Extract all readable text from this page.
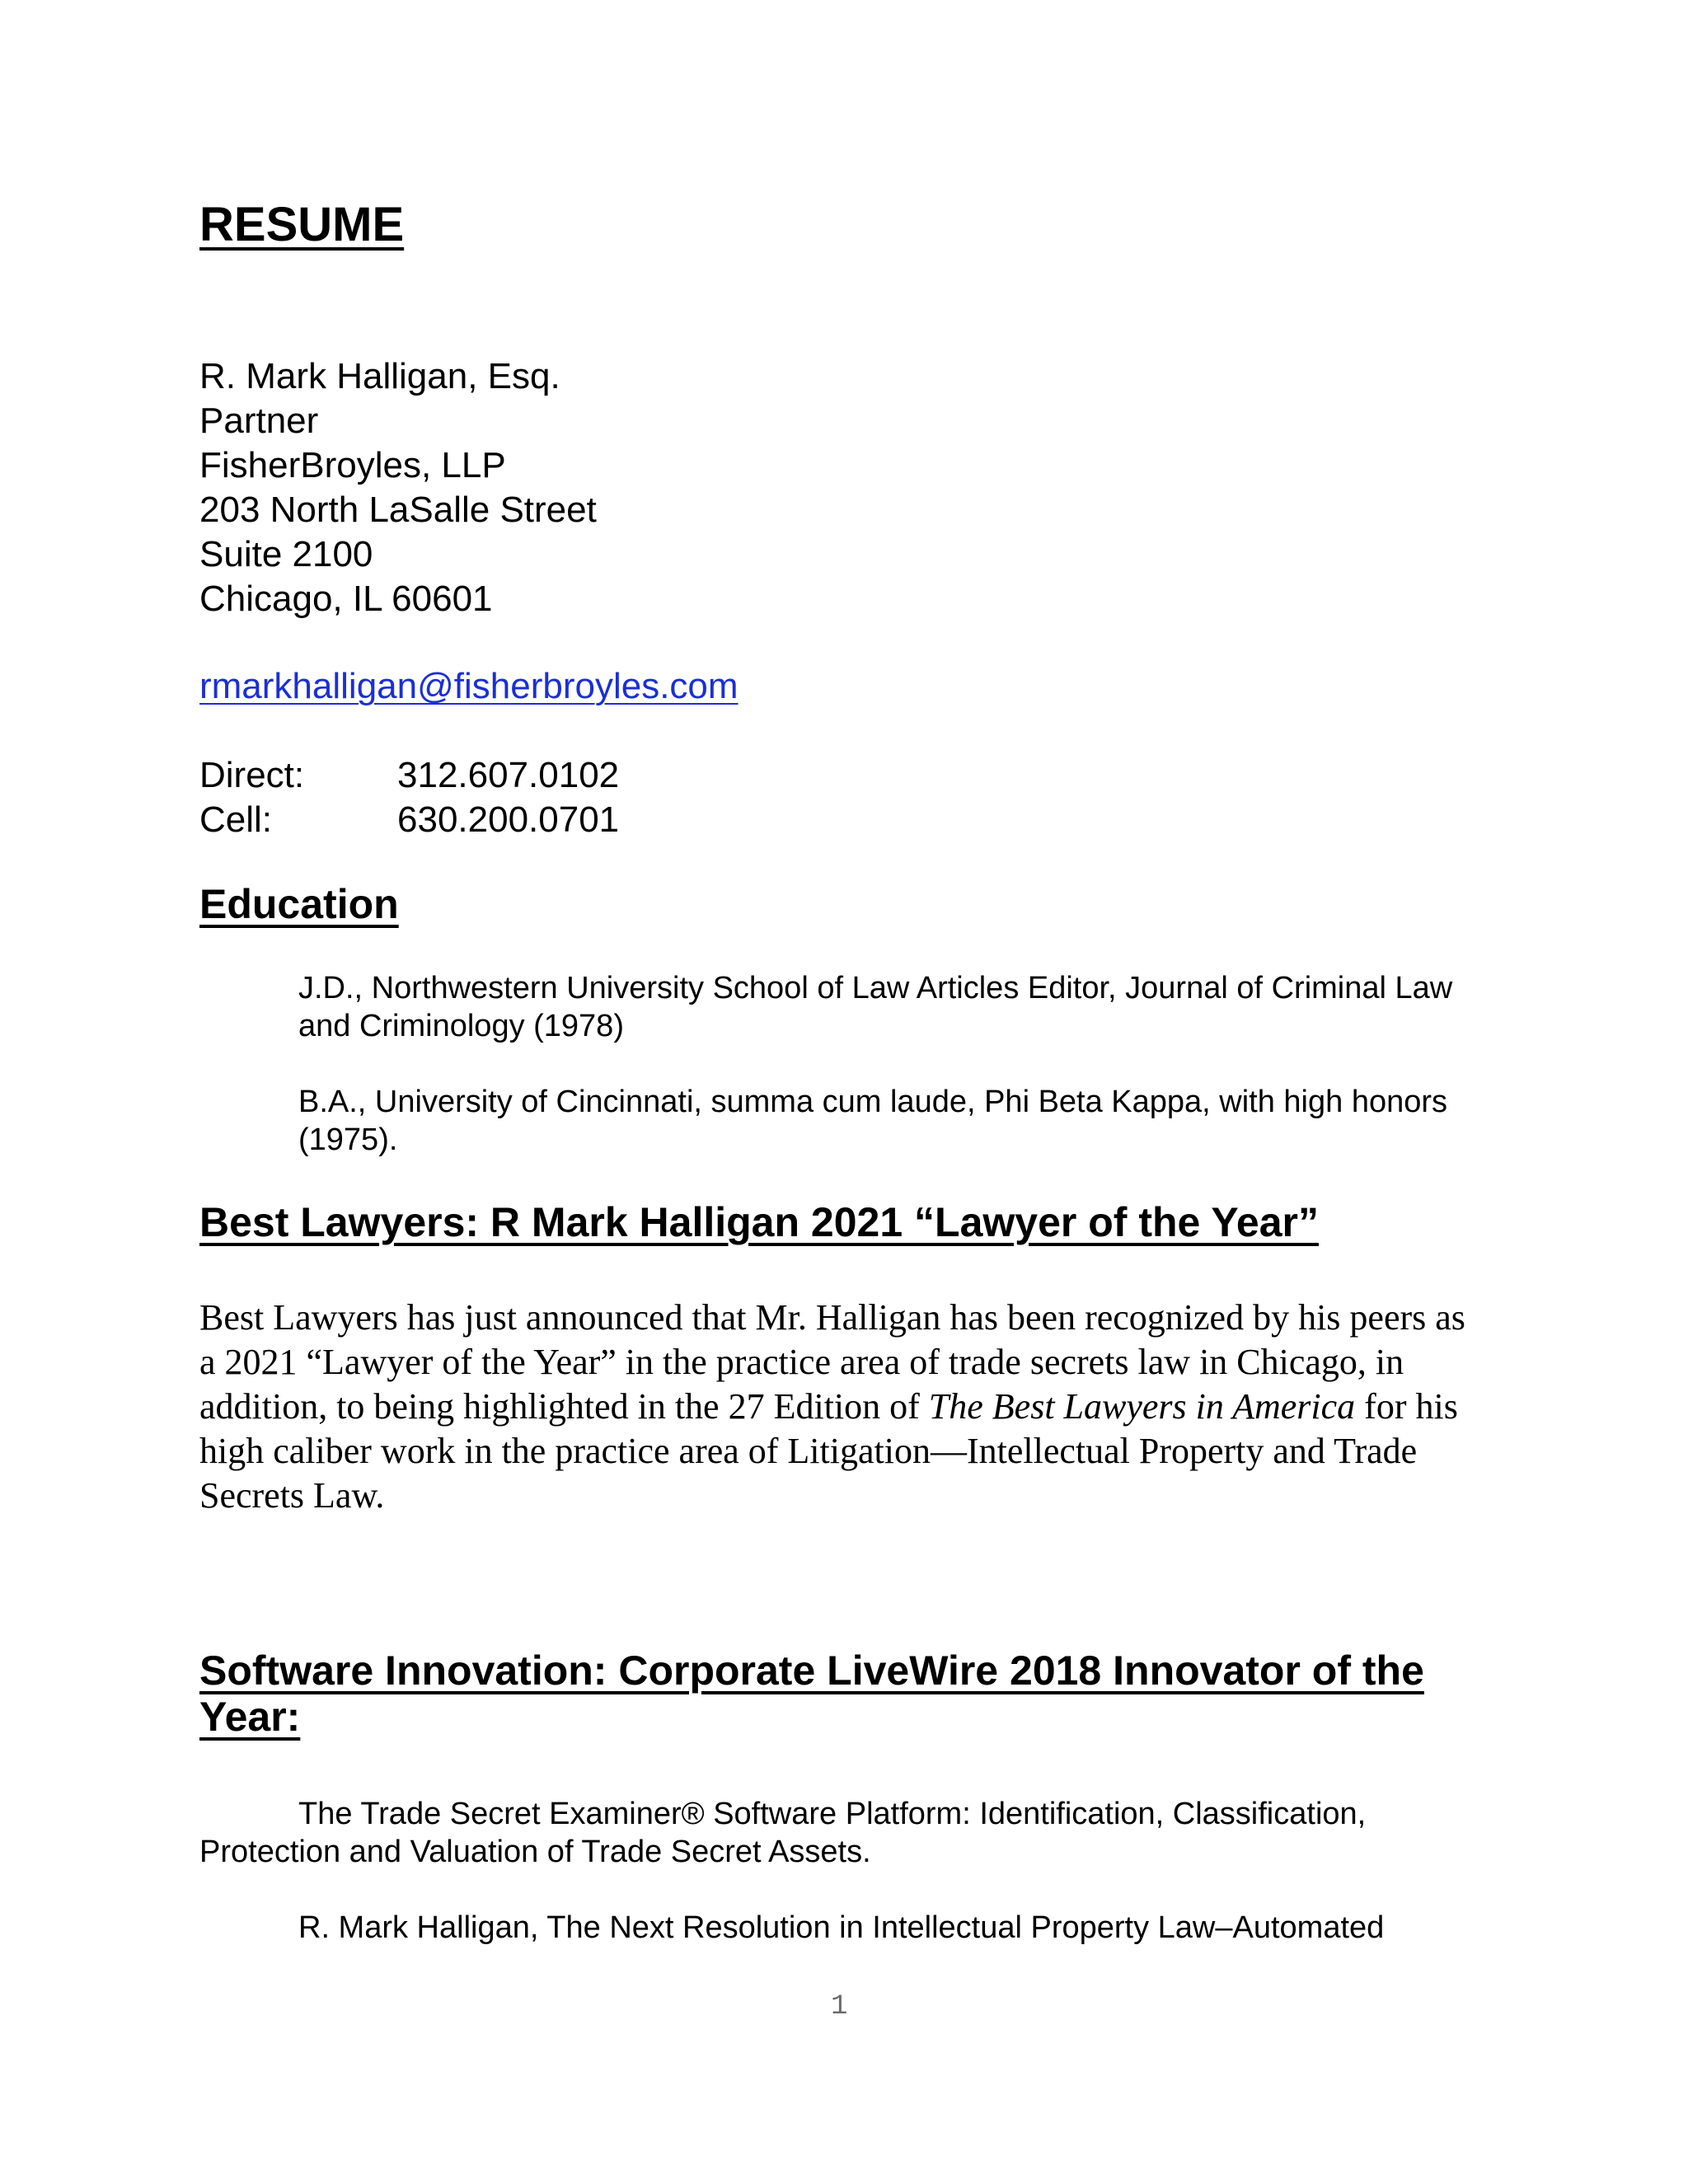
RESUME
R. Mark Halligan, Esq.
Partner
FisherBroyles, LLP
203 North LaSalle Street
Suite 2100
Chicago, IL 60601
rmarkhalligan@fisherbroyles.com
Direct:	312.607.0102
Cell:	630.200.0701
Education
J.D., Northwestern University School of Law Articles Editor, Journal of Criminal Law
and Criminology (1978)
B.A., University of Cincinnati, summa cum laude, Phi Beta Kappa, with high honors
(1975).
Best Lawyers: R Mark Halligan 2021 “Lawyer of the Year”

Best Lawyers has just announced that Mr. Halligan has been recognized by his peers as a 2021 “Lawyer of the Year” in the practice area of trade secrets law in Chicago, in addition, to being highlighted in the 27 Edition of The Best Lawyers in America for his high caliber work in the practice area of Litigation—Intellectual Property and Trade Secrets Law.

Software Innovation: Corporate LiveWire 2018 Innovator of the
Year:
The Trade Secret Examiner® Software Platform: Identification, Classification,
Protection and Valuation of Trade Secret Assets.
R. Mark Halligan, The Next Resolution in Intellectual Property Law–Automated
1
